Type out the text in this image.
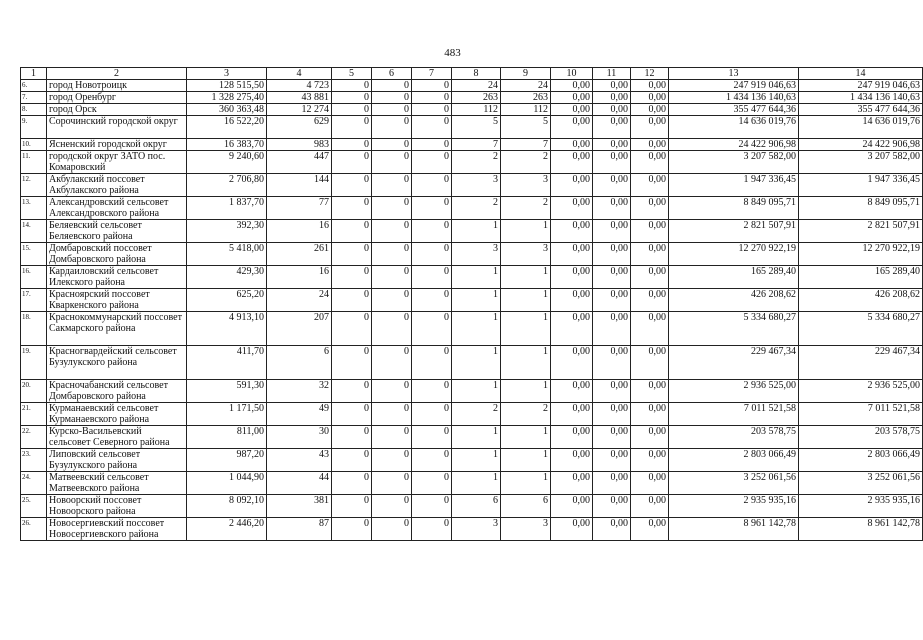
483
1	2	3	4	5	6	7	8	9	10	11	12	13	14
6.	город Новотроицк	128 515,50	4 723	0	0	0	24	24	0,00	0,00	0,00	247 919 046,63	247 919 046,63
7.	город Оренбург	1 328 275,40	43 881	0	0	0	263	263	0,00	0,00	0,00	1 434 136 140,63	1 434 136 140,63
8.	город Орск	360 363,48	12 274	0	0	0	112	112	0,00	0,00	0,00	355 477 644,36	355 477 644,36
9.	Сорочинский городской округ	16 522,20	629	0	0	0	5	5	0,00	0,00	0,00	14 636 019,76	14 636 019,76
10.	Ясненский городской округ	16 383,70	983	0	0	0	7	7	0,00	0,00	0,00	24 422 906,98	24 422 906,98
11.	городской округ ЗАТО пос. Комаровский	9 240,60	447	0	0	0	2	2	0,00	0,00	0,00	3 207 582,00	3 207 582,00
12.	Акбулакский поссовет Акбулакского района	2 706,80	144	0	0	0	3	3	0,00	0,00	0,00	1 947 336,45	1 947 336,45
13.	Александровский сельсовет Александровского района	1 837,70	77	0	0	0	2	2	0,00	0,00	0,00	8 849 095,71	8 849 095,71
14.	Беляевский сельсовет Беляевского района	392,30	16	0	0	0	1	1	0,00	0,00	0,00	2 821 507,91	2 821 507,91
15.	Домбаровский поссовет Домбаровского района	5 418,00	261	0	0	0	3	3	0,00	0,00	0,00	12 270 922,19	12 270 922,19
16.	Кардаиловский сельсовет Илекского района	429,30	16	0	0	0	1	1	0,00	0,00	0,00	165 289,40	165 289,40
17.	Красноярский поссовет Кваркенского района	625,20	24	0	0	0	1	1	0,00	0,00	0,00	426 208,62	426 208,62
18.	Краснокоммунарский поссовет Сакмарского района	4 913,10	207	0	0	0	1	1	0,00	0,00	0,00	5 334 680,27	5 334 680,27
19.	Красногвардейский сельсовет Бузулукского района	411,70	6	0	0	0	1	1	0,00	0,00	0,00	229 467,34	229 467,34
20.	Красночабанский сельсовет Домбаровского района	591,30	32	0	0	0	1	1	0,00	0,00	0,00	2 936 525,00	2 936 525,00
21.	Курманаевский сельсовет Курманаевского района	1 171,50	49	0	0	0	2	2	0,00	0,00	0,00	7 011 521,58	7 011 521,58
22.	Курско-Васильевский сельсовет Северного района	811,00	30	0	0	0	1	1	0,00	0,00	0,00	203 578,75	203 578,75
23.	Липовский сельсовет Бузулукского района	987,20	43	0	0	0	1	1	0,00	0,00	0,00	2 803 066,49	2 803 066,49
24.	Матвеевский сельсовет Матвеевского района	1 044,90	44	0	0	0	1	1	0,00	0,00	0,00	3 252 061,56	3 252 061,56
25.	Новоорский поссовет Новоорского района	8 092,10	381	0	0	0	6	6	0,00	0,00	0,00	2 935 935,16	2 935 935,16
26.	Новосергиевский поссовет Новосергиевского района	2 446,20	87	0	0	0	3	3	0,00	0,00	0,00	8 961 142,78	8 961 142,78
